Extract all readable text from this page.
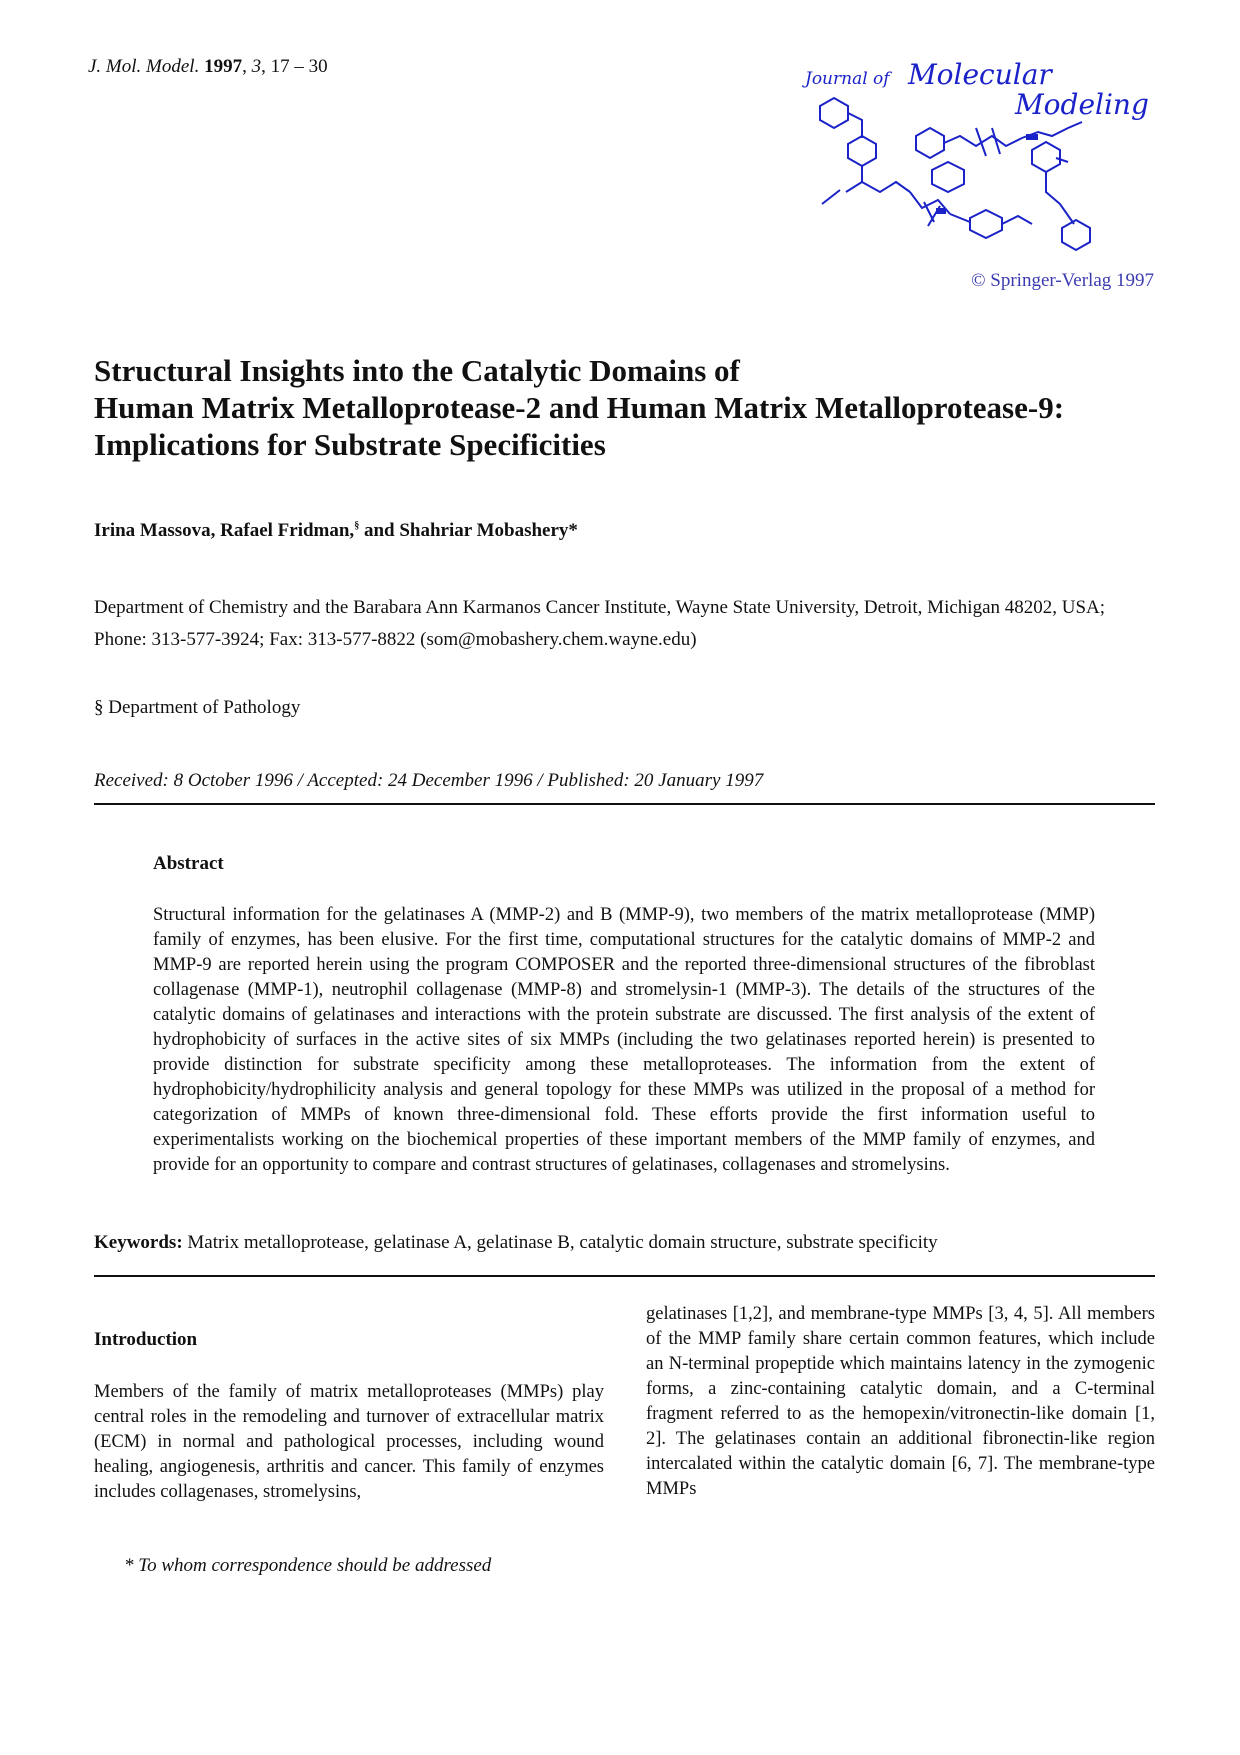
J. Mol. Model. 1997, 3, 17 – 30
Journal of Molecular
Modeling
© Springer-Verlag 1997
Structural Insights into the Catalytic Domains of
Human Matrix Metalloprotease-2 and Human Matrix Metalloprotease-9:
Implications for Substrate Specificities
Irina Massova, Rafael Fridman,§ and Shahriar Mobashery*
Department of Chemistry and the Barabara Ann Karmanos Cancer Institute, Wayne State University, Detroit, Michigan 48202, USA; Phone: 313-577-3924; Fax: 313-577-8822 (som@mobashery.chem.wayne.edu)
§ Department of Pathology
Received: 8 October 1996 / Accepted: 24 December 1996 / Published: 20 January 1997
Abstract
Structural information for the gelatinases A (MMP-2) and B (MMP-9), two members of the matrix metalloprotease (MMP) family of enzymes, has been elusive. For the first time, computational structures for the catalytic domains of MMP-2 and MMP-9 are reported herein using the program COMPOSER and the reported three-dimensional structures of the fibroblast collagenase (MMP-1), neutrophil collagenase (MMP-8) and stromelysin-1 (MMP-3). The details of the structures of the catalytic domains of gelatinases and interactions with the protein substrate are discussed. The first analysis of the extent of hydrophobicity of surfaces in the active sites of six MMPs (including the two gelatinases reported herein) is presented to provide distinction for substrate specificity among these metalloproteases. The information from the extent of hydrophobicity/hydrophilicity analysis and general topology for these MMPs was utilized in the proposal of a method for categorization of MMPs of known three-dimensional fold. These efforts provide the first information useful to experimentalists working on the biochemical properties of these important members of the MMP family of enzymes, and provide for an opportunity to compare and contrast structures of gelatinases, collagenases and stromelysins.
Keywords: Matrix metalloprotease, gelatinase A, gelatinase B, catalytic domain structure, substrate specificity
Introduction
Members of the family of matrix metalloproteases (MMPs) play central roles in the remodeling and turnover of extracellular matrix (ECM) in normal and pathological processes, including wound healing, angiogenesis, arthritis and cancer. This family of enzymes includes collagenases, stromelysins,
gelatinases [1,2], and membrane-type MMPs [3, 4, 5]. All members of the MMP family share certain common features, which include an N-terminal propeptide which maintains latency in the zymogenic forms, a zinc-containing catalytic domain, and a C-terminal fragment referred to as the hemopexin/vitronectin-like domain [1, 2]. The gelatinases contain an additional fibronectin-like region intercalated within the catalytic domain [6, 7]. The membrane-type MMPs
* To whom correspondence should be addressed
